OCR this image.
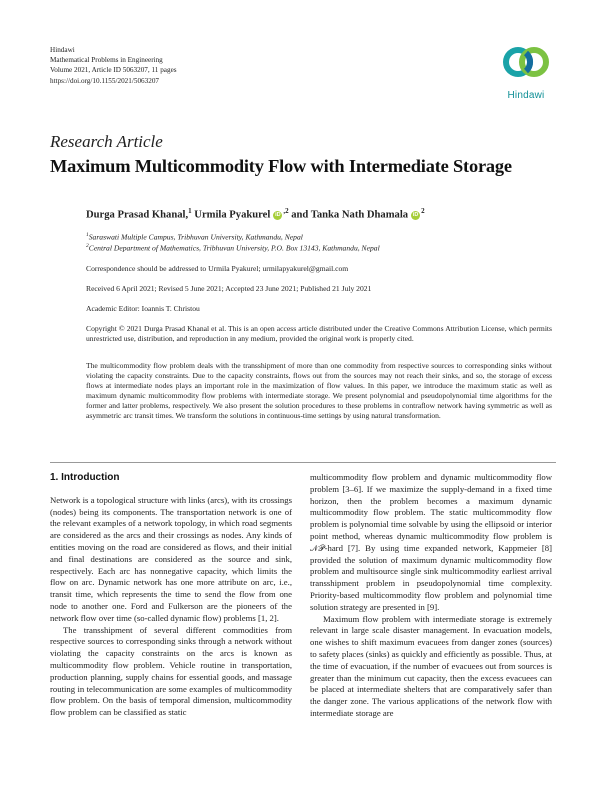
Hindawi
Mathematical Problems in Engineering
Volume 2021, Article ID 5063207, 11 pages
https://doi.org/10.1155/2021/5063207
Hindawi
Research Article
Maximum Multicommodity Flow with Intermediate Storage
Durga Prasad Khanal,$^1$ Urmila Pyakurel iD $^{,2}$ and Tanka Nath Dhamala iD $^2$
$^1$Saraswati Multiple Campus, Tribhuvan University, Kathmandu, Nepal
$^2$Central Department of Mathematics, Tribhuvan University, P.O. Box 13143, Kathmandu, Nepal
Correspondence should be addressed to Urmila Pyakurel; urmilapyakurel@gmail.com
Received 6 April 2021; Revised 5 June 2021; Accepted 23 June 2021; Published 21 July 2021
Academic Editor: Ioannis T. Christou
Copyright © 2021 Durga Prasad Khanal et al. This is an open access article distributed under the Creative Commons Attribution License, which permits unrestricted use, distribution, and reproduction in any medium, provided the original work is properly cited.
The multicommodity flow problem deals with the transshipment of more than one commodity from respective sources to corresponding sinks without violating the capacity constraints. Due to the capacity constraints, flows out from the sources may not reach their sinks, and so, the storage of excess flows at intermediate nodes plays an important role in the maximization of flow values. In this paper, we introduce the maximum static as well as maximum dynamic multicommodity flow problems with intermediate storage. We present polynomial and pseudopolynomial time algorithms for the former and latter problems, respectively. We also present the solution procedures to these problems in contraflow network having symmetric as well as asymmetric arc transit times. We transform the solutions in continuous-time settings by using natural transformation.
1. Introduction

Network is a topological structure with links (arcs), with its crossings (nodes) being its components. The transportation network is one of the relevant examples of a network topology, in which road segments are considered as the arcs and their crossings as nodes. Any kinds of entities moving on the road are considered as flows, and their initial and final destinations are considered as the source and sink, respectively. Each arc has nonnegative capacity, which limits the flow on arc. Dynamic network has one more attribute on arc, i.e., transit time, which represents the time to send the flow from one node to another one. Ford and Fulkerson are the pioneers of the network flow over time (so-called dynamic flow) problems [1, 2].

The transshipment of several different commodities from respective sources to corresponding sinks through a network without violating the capacity constraints on the arcs is known as multicommodity flow problem. Vehicle routine in transportation, production planning, supply chains for essential goods, and massage routing in telecommunication are some examples of multicommodity flow problem. On the basis of temporal dimension, multicommodity flow problem can be classified as static

multicommodity flow problem and dynamic multicommodity flow problem [3–6]. If we maximize the supply-demand in a fixed time horizon, then the problem becomes a maximum dynamic multicommodity flow problem. The static multicommodity flow problem is polynomial time solvable by using the ellipsoid or interior point method, whereas dynamic multicommodity flow problem is 𝒩𝒫-hard [7]. By using time expanded network, Kappmeier [8] provided the solution of maximum dynamic multicommodity flow problem and multisource single sink multicommodity earliest arrival transshipment problem in pseudopolynomial time complexity. Priority-based multicommodity flow problem and polynomial time solution strategy are presented in [9].

Maximum flow problem with intermediate storage is extremely relevant in large scale disaster management. In evacuation models, one wishes to shift maximum evacuees from danger zones (sources) to safety places (sinks) as quickly and efficiently as possible. Thus, at the time of evacuation, if the number of evacuees out from sources is greater than the minimum cut capacity, then the excess evacuees can be placed at intermediate shelters that are comparatively safer than the danger zone. The various applications of the network flow with intermediate storage are
